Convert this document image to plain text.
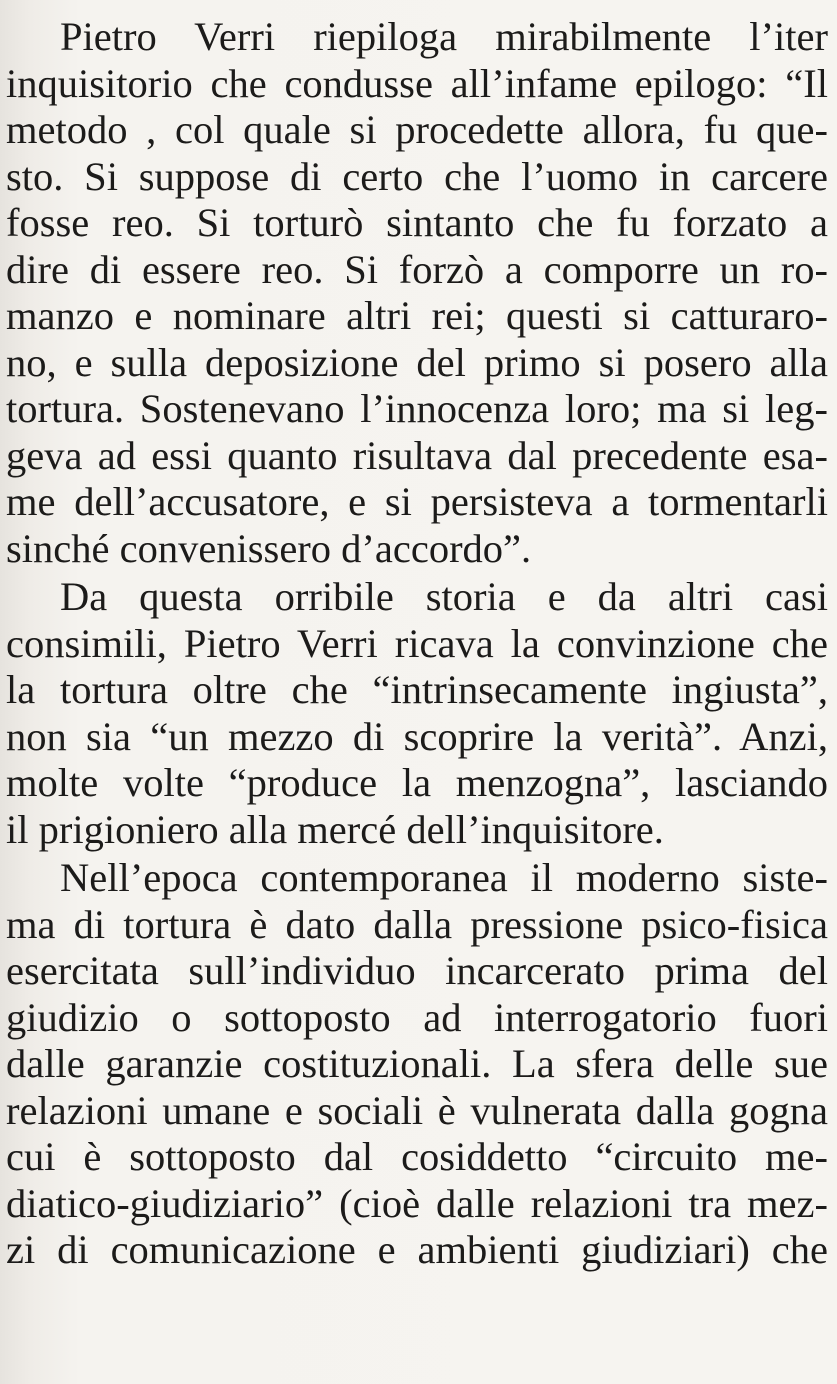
Pietro Verri riepiloga mirabilmente l’iter
inquisitorio che condusse all’infame epilogo: “Il
metodo , col quale si procedette allora, fu que-
sto. Si suppose di certo che l’uomo in carcere
fosse reo. Si torturò sintanto che fu forzato a
dire di essere reo. Si forzò a comporre un ro-
manzo e nominare altri rei; questi si catturaro-
no, e sulla deposizione del primo si posero alla
tortura. Sostenevano l’innocenza loro; ma si leg-
geva ad essi quanto risultava dal precedente esa-
me dell’accusatore, e si persisteva a tormentarli
sinché convenissero d’accordo”.
Da questa orribile storia e da altri casi
consimili, Pietro Verri ricava la convinzione che
la tortura oltre che “intrinsecamente ingiusta”,
non sia “un mezzo di scoprire la verità”. Anzi,
molte volte “produce la menzogna”, lasciando
il prigioniero alla mercé dell’inquisitore.
Nell’epoca contemporanea il moderno siste-
ma di tortura è dato dalla pressione psico-fisica
esercitata sull’individuo incarcerato prima del
giudizio o sottoposto ad interrogatorio fuori
dalle garanzie costituzionali. La sfera delle sue
relazioni umane e sociali è vulnerata dalla gogna
cui è sottoposto dal cosiddetto “circuito me-
diatico-giudiziario” (cioè dalle relazioni tra mez-
zi di comunicazione e ambienti giudiziari) che
